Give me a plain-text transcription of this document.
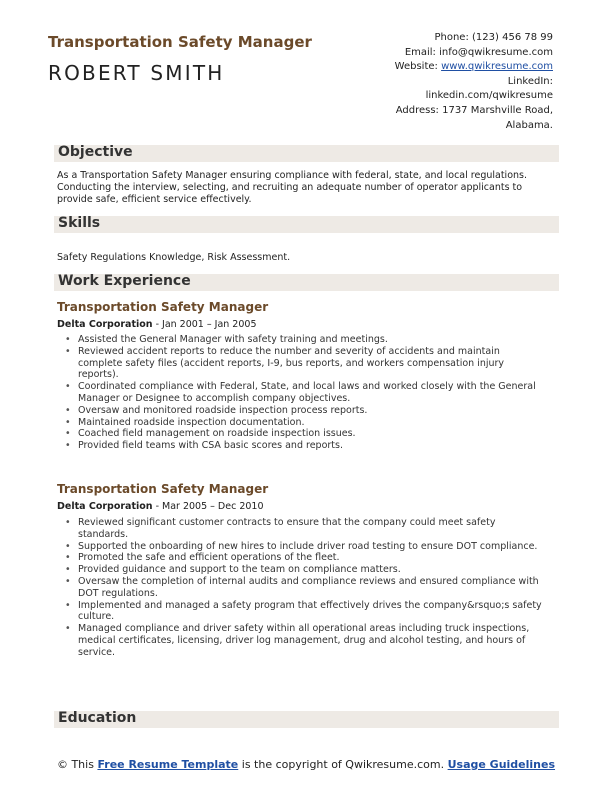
Transportation Safety Manager
ROBERT SMITH
Phone: (123) 456 78 99
Email: info@qwikresume.com
Website: www.qwikresume.com
LinkedIn:
linkedin.com/qwikresume
Address: 1737 Marshville Road,
Alabama.
Objective
As a Transportation Safety Manager ensuring compliance with federal, state, and local regulations. Conducting the interview, selecting, and recruiting an adequate number of operator applicants to provide safe, efficient service effectively.
Skills
Safety Regulations Knowledge, Risk Assessment.
Work Experience
Transportation Safety Manager
Delta Corporation - Jan 2001 – Jan 2005
• Assisted the General Manager with safety training and meetings.
• Reviewed accident reports to reduce the number and severity of accidents and maintain complete safety files (accident reports, I-9, bus reports, and workers compensation injury reports).
• Coordinated compliance with Federal, State, and local laws and worked closely with the General Manager or Designee to accomplish company objectives.
• Oversaw and monitored roadside inspection process reports.
• Maintained roadside inspection documentation.
• Coached field management on roadside inspection issues.
• Provided field teams with CSA basic scores and reports.
Transportation Safety Manager
Delta Corporation - Mar 2005 – Dec 2010
• Reviewed significant customer contracts to ensure that the company could meet safety standards.
• Supported the onboarding of new hires to include driver road testing to ensure DOT compliance.
• Promoted the safe and efficient operations of the fleet.
• Provided guidance and support to the team on compliance matters.
• Oversaw the completion of internal audits and compliance reviews and ensured compliance with DOT regulations.
• Implemented and managed a safety program that effectively drives the company&rsquo;s safety culture.
• Managed compliance and driver safety within all operational areas including truck inspections, medical certificates, licensing, driver log management, drug and alcohol testing, and hours of service.
Education
© This Free Resume Template is the copyright of Qwikresume.com. Usage Guidelines
